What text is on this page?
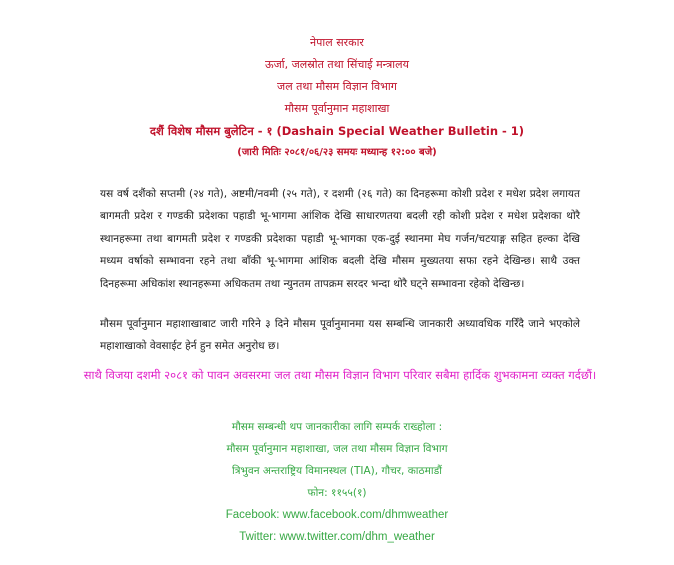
नेपाल सरकार
ऊर्जा, जलस्रोत तथा सिंचाई मन्त्रालय
जल तथा मौसम विज्ञान विभाग
मौसम पूर्वानुमान महाशाखा
दशैं विशेष मौसम बुलेटिन - १ (Dashain Special Weather Bulletin - 1)
(जारी मितिः २०८१/०६/२३ समयः मध्यान्ह १२:०० बजे)
यस वर्ष दशैंको सप्तमी (२४ गते), अष्टमी/नवमी (२५ गते), र दशमी (२६ गते) का दिनहरूमा कोशी प्रदेश र मधेश प्रदेश लगायत बागमती प्रदेश र गण्डकी प्रदेशका पहाडी भू-भागमा आंशिक देखि साधारणतया बदली रही कोशी प्रदेश र मधेश प्रदेशका थोरै स्थानहरूमा तथा बागमती प्रदेश र गण्डकी प्रदेशका पहाडी भू-भागका एक-दुई स्थानमा मेघ गर्जन/चटयाङ्ग सहित हल्का देखि मध्यम वर्षाको सम्भावना रहने तथा बाँकी भू-भागमा आंशिक बदली देखि मौसम मुख्यतया सफा रहने देखिन्छ। साथै उक्त दिनहरूमा अधिकांश स्थानहरूमा अधिकतम तथा न्युनतम तापक्रम सरदर भन्दा थोरै घट्ने सम्भावना रहेको देखिन्छ।
मौसम पूर्वानुमान महाशाखाबाट जारी गरिने ३ दिने मौसम पूर्वानुमानमा यस सम्बन्धि जानकारी अध्यावधिक गरिँदै जाने भएकोले महाशाखाको वेवसाईट हेर्न हुन समेत अनुरोध छ।
साथै विजया दशमी २०८१ को पावन अवसरमा जल तथा मौसम विज्ञान विभाग परिवार सबैमा हार्दिक शुभकामना व्यक्त गर्दछौं।
मौसम सम्बन्धी थप जानकारीका लागि सम्पर्क राख्होला :
मौसम पूर्वानुमान महाशाखा, जल तथा मौसम विज्ञान विभाग
त्रिभुवन अन्तराष्ट्रिय विमानस्थल (TIA), गौचर, काठमाडौं
फोन: ११५५(१)
Facebook: www.facebook.com/dhmweather
Twitter: www.twitter.com/dhm_weather
